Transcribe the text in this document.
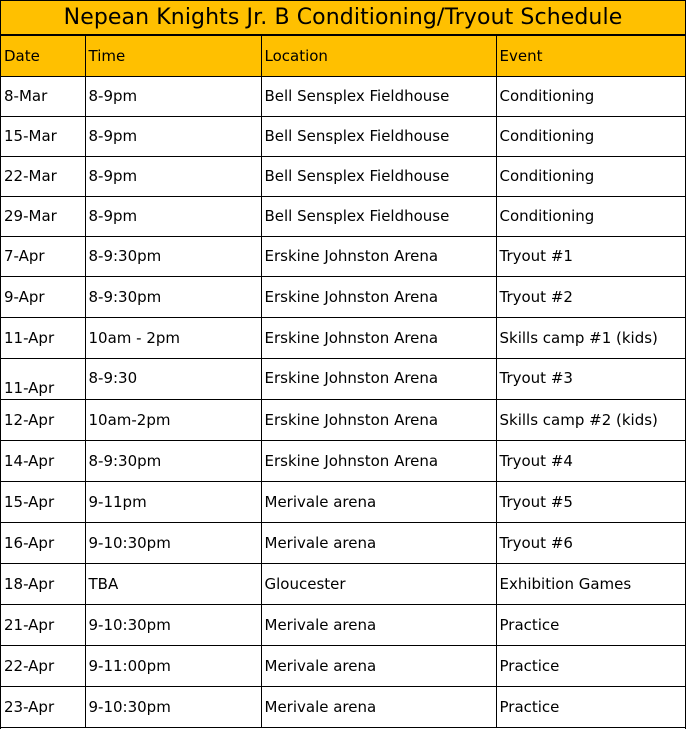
Nepean Knights Jr. B Conditioning/Tryout Schedule
Date	Time	Location	Event
8-Mar	8-9pm	Bell Sensplex Fieldhouse	Conditioning
15-Mar	8-9pm	Bell Sensplex Fieldhouse	Conditioning
22-Mar	8-9pm	Bell Sensplex Fieldhouse	Conditioning
29-Mar	8-9pm	Bell Sensplex Fieldhouse	Conditioning
7-Apr	8-9:30pm	Erskine Johnston Arena	Tryout #1
9-Apr	8-9:30pm	Erskine Johnston Arena	Tryout #2
11-Apr	10am - 2pm	Erskine Johnston Arena	Skills camp #1 (kids)
11-Apr	8-9:30	Erskine Johnston Arena	Tryout #3
12-Apr	10am-2pm	Erskine Johnston Arena	Skills camp #2 (kids)
14-Apr	8-9:30pm	Erskine Johnston Arena	Tryout #4
15-Apr	9-11pm	Merivale arena	Tryout #5
16-Apr	9-10:30pm	Merivale arena	Tryout #6
18-Apr	TBA	Gloucester	Exhibition Games
21-Apr	9-10:30pm	Merivale arena	Practice
22-Apr	9-11:00pm	Merivale arena	Practice
23-Apr	9-10:30pm	Merivale arena	Practice
